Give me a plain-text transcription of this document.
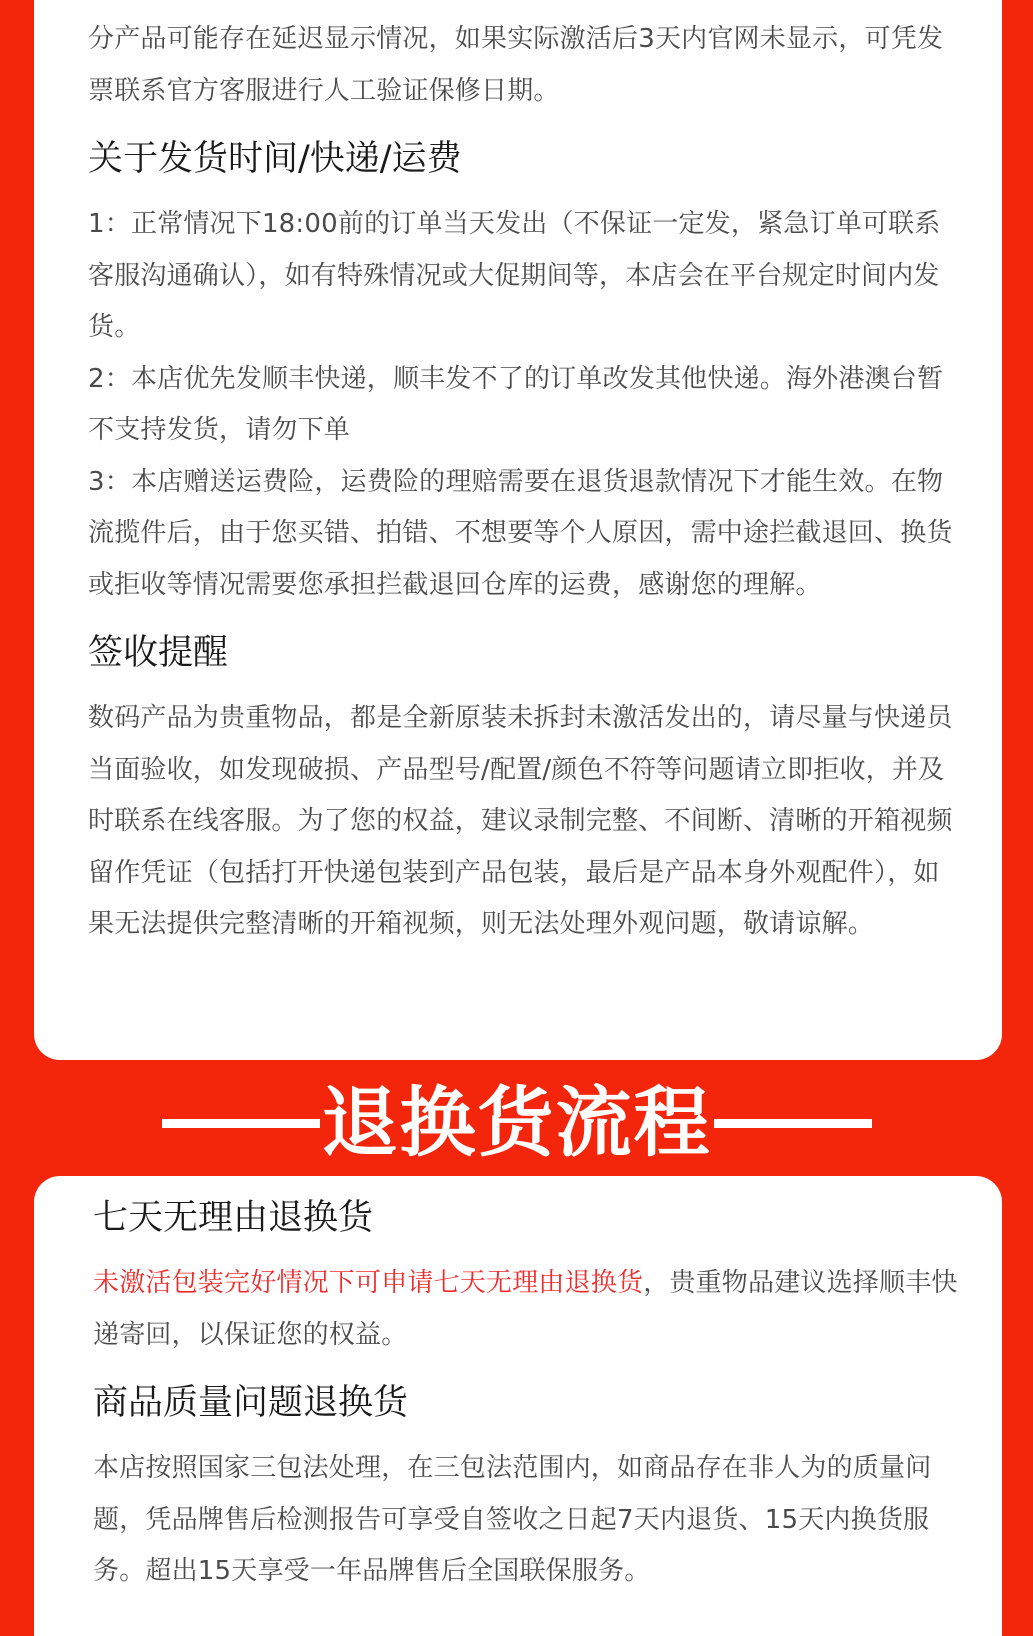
分产品可能存在延迟显示情况，如果实际激活后3天内官网未显示，可凭发票联系官方客服进行人工验证保修日期。

关于发货时间/快递/运费

1：正常情况下18:00前的订单当天发出（不保证一定发，紧急订单可联系客服沟通确认），如有特殊情况或大促期间等，本店会在平台规定时间内发货。

2：本店优先发顺丰快递，顺丰发不了的订单改发其他快递。海外港澳台暂不支持发货，请勿下单

3：本店赠送运费险，运费险的理赔需要在退货退款情况下才能生效。在物流揽件后，由于您买错、拍错、不想要等个人原因，需中途拦截退回、换货或拒收等情况需要您承担拦截退回仓库的运费，感谢您的理解。

签收提醒

数码产品为贵重物品，都是全新原装未拆封未激活发出的，请尽量与快递员当面验收，如发现破损、产品型号/配置/颜色不符等问题请立即拒收，并及时联系在线客服。为了您的权益，建议录制完整、不间断、清晰的开箱视频留作凭证（包括打开快递包装到产品包装，最后是产品本身外观配件），如果无法提供完整清晰的开箱视频，则无法处理外观问题，敬请谅解。

退换货流程
七天无理由退换货

未激活包装完好情况下可申请七天无理由退换货，贵重物品建议选择顺丰快递寄回，以保证您的权益。

商品质量问题退换货

本店按照国家三包法处理，在三包法范围内，如商品存在非人为的质量问题，凭品牌售后检测报告可享受自签收之日起7天内退货、15天内换货服务。超出15天享受一年品牌售后全国联保服务。
